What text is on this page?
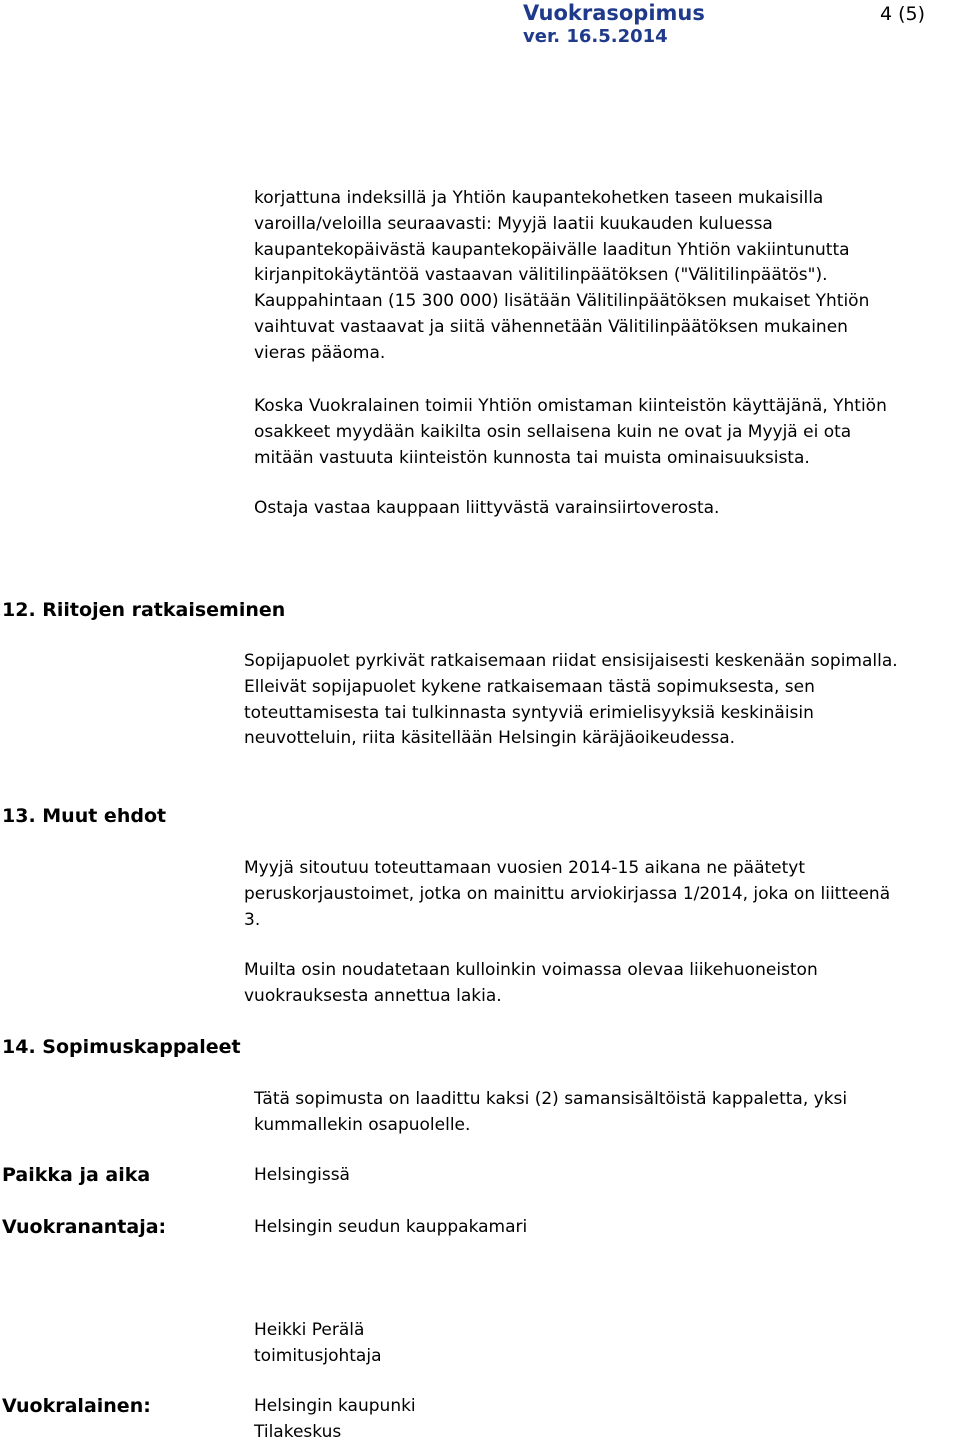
Vuokrasopimus
ver. 16.5.2014
4 (5)
korjattuna indeksillä ja Yhtiön kaupantekohetken taseen mukaisilla
varoilla/veloilla seuraavasti: Myyjä laatii kuukauden kuluessa
kaupantekopäivästä kaupantekopäivälle laaditun Yhtiön vakiintunutta
kirjanpitokäytäntöä vastaavan välitilinpäätöksen ("Välitilinpäätös").
Kauppahintaan (15 300 000) lisätään Välitilinpäätöksen mukaiset Yhtiön
vaihtuvat vastaavat ja siitä vähennetään Välitilinpäätöksen mukainen
vieras pääoma.
Koska Vuokralainen toimii Yhtiön omistaman kiinteistön käyttäjänä, Yhtiön
osakkeet myydään kaikilta osin sellaisena kuin ne ovat ja Myyjä ei ota
mitään vastuuta kiinteistön kunnosta tai muista ominaisuuksista.
Ostaja vastaa kauppaan liittyvästä varainsiirtoverosta.
12. Riitojen ratkaiseminen
Sopijapuolet pyrkivät ratkaisemaan riidat ensisijaisesti keskenään sopimalla.
Elleivät sopijapuolet kykene ratkaisemaan tästä sopimuksesta, sen
toteuttamisesta tai tulkinnasta syntyviä erimielisyyksiä keskinäisin
neuvotteluin, riita käsitellään Helsingin käräjäoikeudessa.
13. Muut ehdot
Myyjä sitoutuu toteuttamaan vuosien 2014-15 aikana ne päätetyt
peruskorjaustoimet, jotka on mainittu arviokirjassa 1/2014, joka on liitteenä
3.
Muilta osin noudatetaan kulloinkin voimassa olevaa liikehuoneiston
vuokrauksesta annettua lakia.
14. Sopimuskappaleet
Tätä sopimusta on laadittu kaksi (2) samansisältöistä kappaletta, yksi
kummallekin osapuolelle.
Paikka ja aika	Helsingissä
Vuokranantaja:	Helsingin seudun kauppakamari
Heikki Perälä
toimitusjohtaja
Vuokralainen:	Helsingin kaupunki
Tilakeskus
